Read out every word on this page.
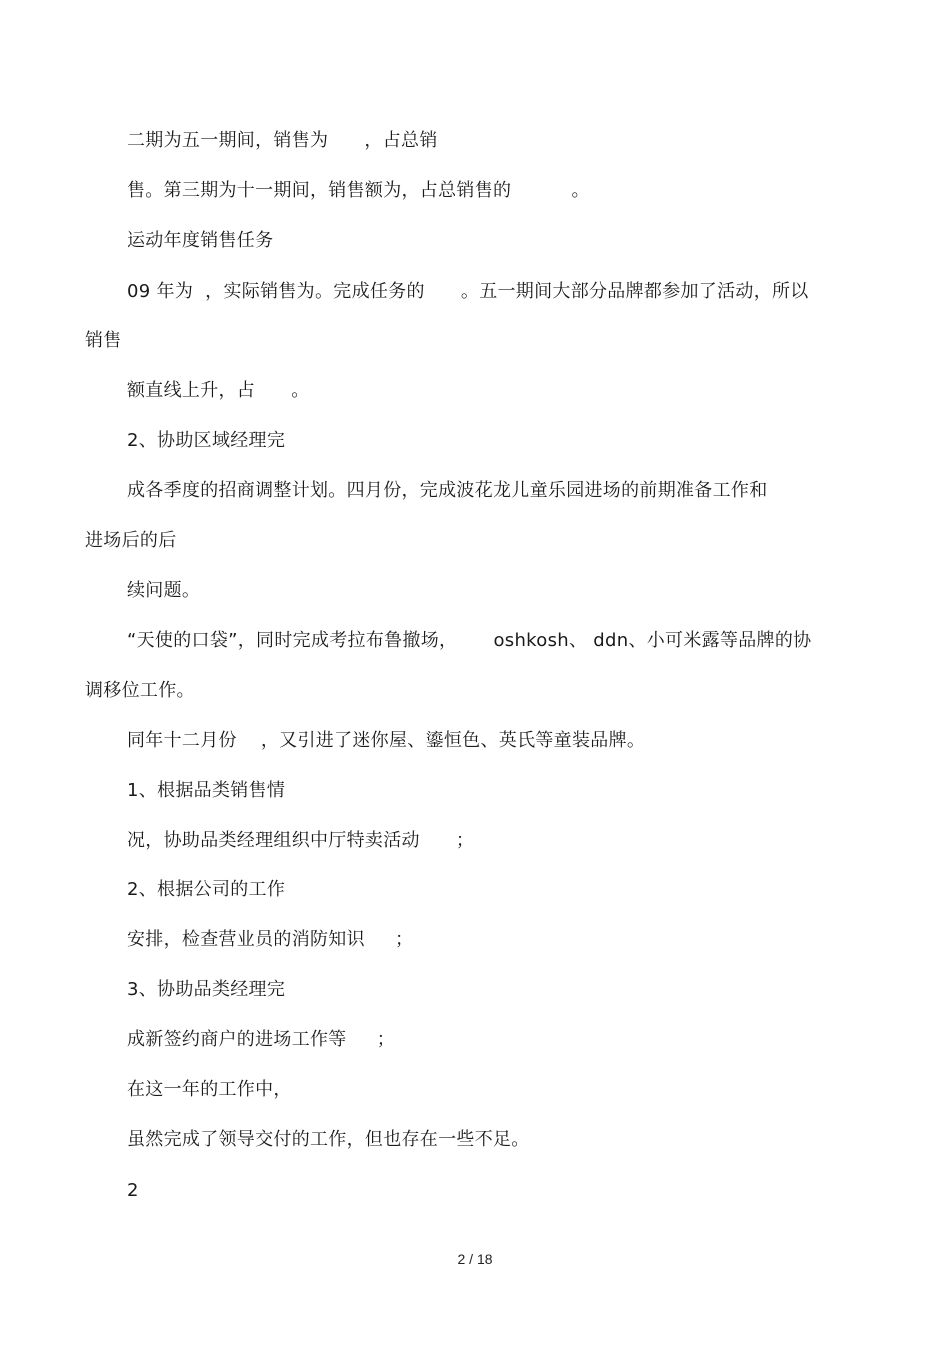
二期为五一期间，销售为      ，占总销
售。第三期为十一期间，销售额为，占总销售的          。
运动年度销售任务
09 年为  ，实际销售为。完成任务的      。五一期间大部分品牌都参加了活动，所以
销售
额直线上升，占      。
2、协助区域经理完
成各季度的招商调整计划。四月份，完成波花龙儿童乐园进场的前期准备工作和
进场后的后
续问题。
“天使的口袋”，同时完成考拉布鲁撤场，      oshkosh、 ddn、小可米露等品牌的协
调移位工作。
同年十二月份    ，又引进了迷你屋、鎏恒色、英氏等童装品牌。
1、根据品类销售情
况，协助品类经理组织中厅特卖活动      ；
2、根据公司的工作
安排，检查营业员的消防知识     ；
3、协助品类经理完
成新签约商户的进场工作等     ；
在这一年的工作中，
虽然完成了领导交付的工作，但也存在一些不足。
2
2 / 18
